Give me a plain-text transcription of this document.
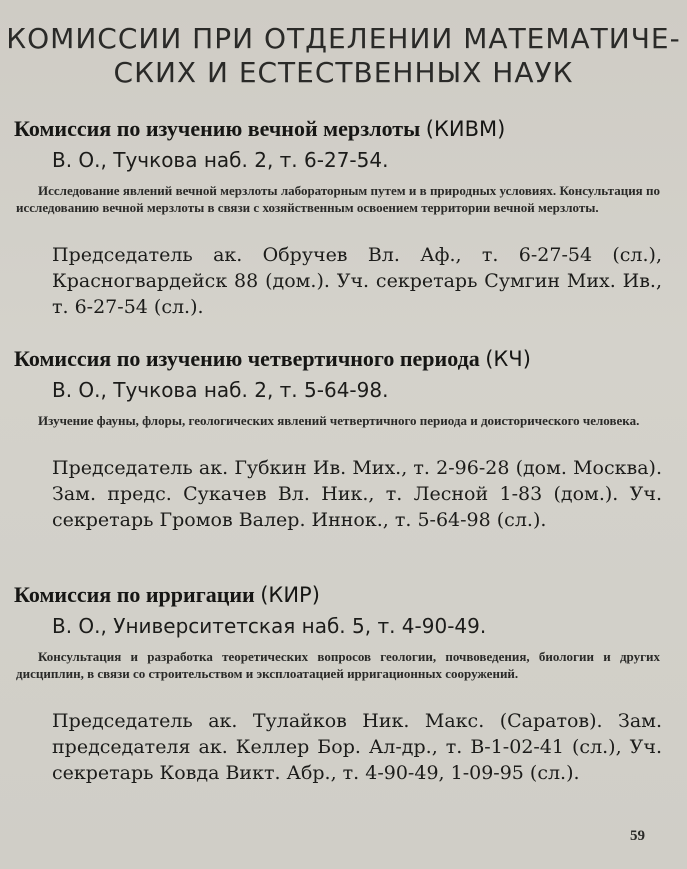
КОМИССИИ ПРИ ОТДЕЛЕНИИ МАТЕМАТИЧЕ-
СКИХ И ЕСТЕСТВЕННЫХ НАУК
Комиссия по изучению вечной мерзлоты (КИВМ)
В. О., Тучкова наб. 2, т. 6-27-54.
Исследование явлений вечной мерзлоты лабораторным путем и в природных условиях. Консультация по исследованию вечной мерзлоты в связи с хозяйственным освоением территории вечной мерзлоты.
Председатель ак. Обручев Вл. Аф., т. 6-27-54 (сл.), Красногвардейск 88 (дом.). Уч. секретарь Сумгин Мих. Ив., т. 6-27-54 (сл.).
Комиссия по изучению четвертичного периода (КЧ)
В. О., Тучкова наб. 2, т. 5-64-98.
Изучение фауны, флоры, геологических явлений четвертичного периода и доисторического человека.
Председатель ак. Губкин Ив. Мих., т. 2-96-28 (дом. Москва). Зам. предс. Сукачев Вл. Ник., т. Лесной 1-83 (дом.). Уч. секретарь Громов Валер. Иннок., т. 5-64-98 (сл.).
Комиссия по ирригации (КИР)
В. О., Университетская наб. 5, т. 4-90-49.
Консультация и разработка теоретических вопросов геологии, почвоведения, биологии и других дисциплин, в связи со строительством и эксплоатацией ирригационных сооружений.
Председатель ак. Тулайков Ник. Макс. (Саратов). Зам. председателя ак. Келлер Бор. Ал-др., т. В-1-02-41 (сл.), Уч. секретарь Ковда Викт. Абр., т. 4-90-49, 1-09-95 (сл.).
59
